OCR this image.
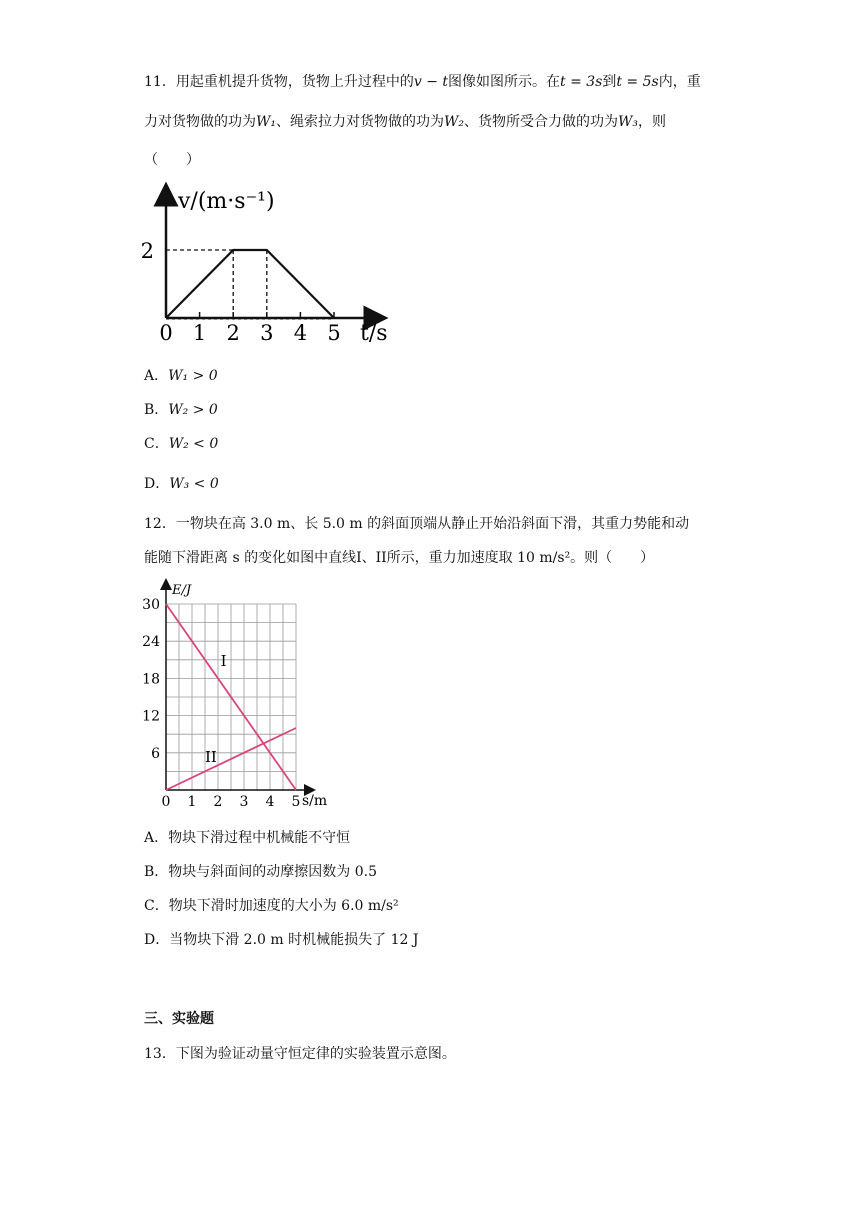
11．用起重机提升货物，货物上升过程中的v − t图像如图所示。在t = 3s到t = 5s内，重
力对货物做的功为W₁、绳索拉力对货物做的功为W₂、货物所受合力做的功为W₃，则
（　　）
0 1 2 3 4 5
2
v/(m·s⁻¹)
t/s
A．W₁ > 0
B．W₂ > 0
C．W₂ < 0
D．W₃ < 0
12．一物块在高 3.0 m、长 5.0 m 的斜面顶端从静止开始沿斜面下滑，其重力势能和动
能随下滑距离 s 的变化如图中直线I、II所示，重力加速度取 10 m/s²。则（　　）
I
II
0 1 2 3 4 5
6
12
18
24
30
E/J
s/m
A．物块下滑过程中机械能不守恒
B．物块与斜面间的动摩擦因数为 0.5
C．物块下滑时加速度的大小为 6.0 m/s²
D．当物块下滑 2.0 m 时机械能损失了 12 J
三、实验题
13．下图为验证动量守恒定律的实验装置示意图。
